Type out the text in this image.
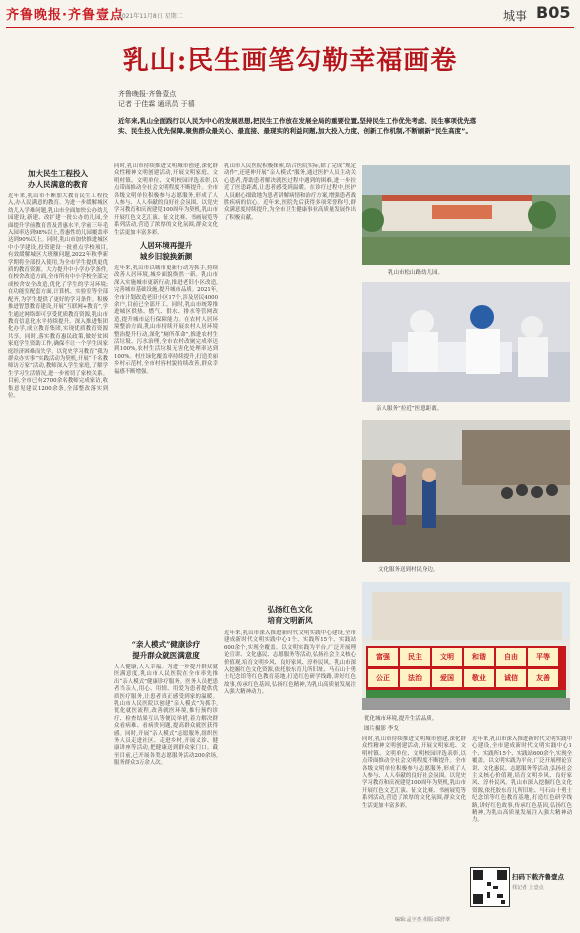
齐鲁晚报·齐鲁壹点
2021年11月8日 星期二	城事 B05
乳山:民生画笔勾勒幸福画卷
齐鲁晚报·齐鲁壹点
记者 于佳霖 通讯员 于禧
近年来,乳山全面践行以人民为中心的发展思想,把民生工作放在发展全局的重要位置,坚持民生工作优先考虑、民生事项优先落实、民生投入优先保障,聚焦群众最关心、最直接、最现实的利益问题,加大投入力度、创新工作机制,不断刷新“民生高度”。
加大民生工程投入
办人民满意的教育
近年来,乳山市不断加大教育民生工程投入,办人民满意的教育。为进一步缓解城区幼儿入学难问题,乳山市全面加快公办幼儿园建设,新建、改扩建一批公办幼儿园,全面提升学前教育普及普惠水平,学前三年毛入园率达到98%以上,普惠性幼儿园覆盖率达到90%以上。同时,乳山市加快推进城区中小学建设,投资建设一批重点学校项目,有效缓解城区大班额问题,2022年秋季新学期将全部投入使用,为全市学生提供更优质的教育资源。大力提升中小学办学条件,在校舍改造方面,全市所有中小学校全部完成校舍安全改造,优化了学生的学习环境;在功能室配套方面,计算机、实验室等全部配齐,为学生提供了更好的学习条件。积极推进智慧教育建设,开展“互联网+教育”,学生通过网络即可享受优质教育资源,乳山市教育信息化水平持续提升。深入推进集团化办学,成立教育集团,实现优质教育资源共享。同时,落实教育惠民政策,做好贫困家庭学生资助工作,确保不让一个学生因家庭经济困难而失学。以党史学习教育“我为群众办实事”实践活动为契机,开展“千名教师访万家”活动,教师深入学生家庭,了解学生学习生活情况,进一步密切了家校关系。目前,全市已有2700余名教师完成家访,收集意见建议1200余条,全部整改落实到位。
同时,乳山市持续推进文明城市创建,深化群众性精神文明创建活动,开展文明家庭、文明村镇、文明单位、文明校园评选表彰,以点带面推动全社会文明程度不断提升。全市各级文明单位积极参与志愿服务,形成了人人参与、人人奉献的良好社会氛围。以党史学习教育和庆祝建党100周年为契机,乳山市开展红色文艺汇演、征文比赛、书画展览等系列活动,营造了浓厚的文化氛围,群众文化生活更加丰富多彩。
人居环境再提升
城乡旧貌换新颜
近年来,乳山市以城市更新行动为抓手,持续改善人居环境,城乡面貌焕然一新。乳山市深入实施城市更新行动,推进老旧小区改造,完善城市基础设施,提升城市品质。2021年,全市计划改造老旧小区17个,涉及居民4000余户,目前已全部开工。同时,乳山市统筹推进城区供热、燃气、供水、排水等管网改造,提升城市运行保障能力。在农村人居环境整治方面,乳山市持续开展农村人居环境整治提升行动,深化“厕所革命”,推进农村生活垃圾、污水治理,全市农村改厕完成率达到100%,农村生活垃圾无害化处理率达到100%。村庄绿化覆盖率持续提升,打造美丽乡村示范村,全市村容村貌持续改善,群众幸福感不断增强。
“亲人模式”健康诊疗
提升群众就医满意度
人人健康,人人幸福。为进一步提升群众就医满意度,乳山市人民医院在全市率先推出“亲人模式”健康诊疗服务。医务人员把患者当亲人,用心、用情、用爱为患者提供优质医疗服务,让患者真正感受到家的温暖。乳山市人民医院以创建“亲人模式”为抓手,优化就医流程,改善就医环境,推行预约诊疗、检查结果互认等便民举措,着力解决群众看病难、看病贵问题,提高群众就医获得感。同时,开展“亲人模式”志愿服务,组织医务人员走进社区、走进乡村,开展义诊、健康讲座等活动,把健康送到群众家门口。截至目前,已开展各类志愿服务活动200余场,服务群众3万余人次。
乳山市人民医院积极探索,结合医院实际,除了完成“规定动作”,还延伸开展“亲人模式”服务,通过医护人员主动关心患者,帮助患者解决就医过程中遇到的困难,进一步拉近了医患距离,让患者感受到温暖。在诊疗过程中,医护人员耐心细致地为患者讲解病情和治疗方案,增强患者战胜疾病的信心。近年来,医院先后获得多项荣誉称号,群众满意度持续提升,为全市卫生健康事业高质量发展作出了积极贡献。
弘扬红色文化
培育文明新风
近年来,乳山市深入推进新时代文明实践中心建设,全市建成新时代文明实践中心1个、实践所15个、实践站600余个,实现全覆盖。以文明实践为平台,广泛开展理论宣讲、文化惠民、志愿服务等活动,弘扬社会主义核心价值观,培育文明乡风、良好家风、淳朴民风。乳山市深入挖掘红色文化资源,依托胶东育儿所旧址、马石山十勇士纪念馆等红色教育基地,打造红色研学线路,讲好红色故事,传承红色基因,弘扬红色精神,为乳山高质量发展注入强大精神动力。
乳山市松山路幼儿园。
亲人服务“拉近”医患距离。
文化服务送到村民身边。
富强	民主	文明	和谐	自由	平等
公正	法治	爱国	敬业	诚信	友善
优化城市环境,提升生活品质。
图片摄影 李戈
同时,乳山市持续推进文明城市创建,深化群众性精神文明创建活动,开展文明家庭、文明村镇、文明单位、文明校园评选表彰,以点带面推动全社会文明程度不断提升。全市各级文明单位积极参与志愿服务,形成了人人参与、人人奉献的良好社会氛围。以党史学习教育和庆祝建党100周年为契机,乳山市开展红色文艺汇演、征文比赛、书画展览等系列活动,营造了浓厚的文化氛围,群众文化生活更加丰富多彩。
近年来,乳山市深入推进新时代文明实践中心建设,全市建成新时代文明实践中心1个、实践所15个、实践站600余个,实现全覆盖。以文明实践为平台,广泛开展理论宣讲、文化惠民、志愿服务等活动,弘扬社会主义核心价值观,培育文明乡风、良好家风、淳朴民风。乳山市深入挖掘红色文化资源,依托胶东育儿所旧址、马石山十勇士纪念馆等红色教育基地,打造红色研学线路,讲好红色故事,传承红色基因,弘扬红色精神,为乳山高质量发展注入强大精神动力。
扫码下载齐鲁壹点
找记者 上壹点
编辑:孟宇杰 组版:邱舒翠
